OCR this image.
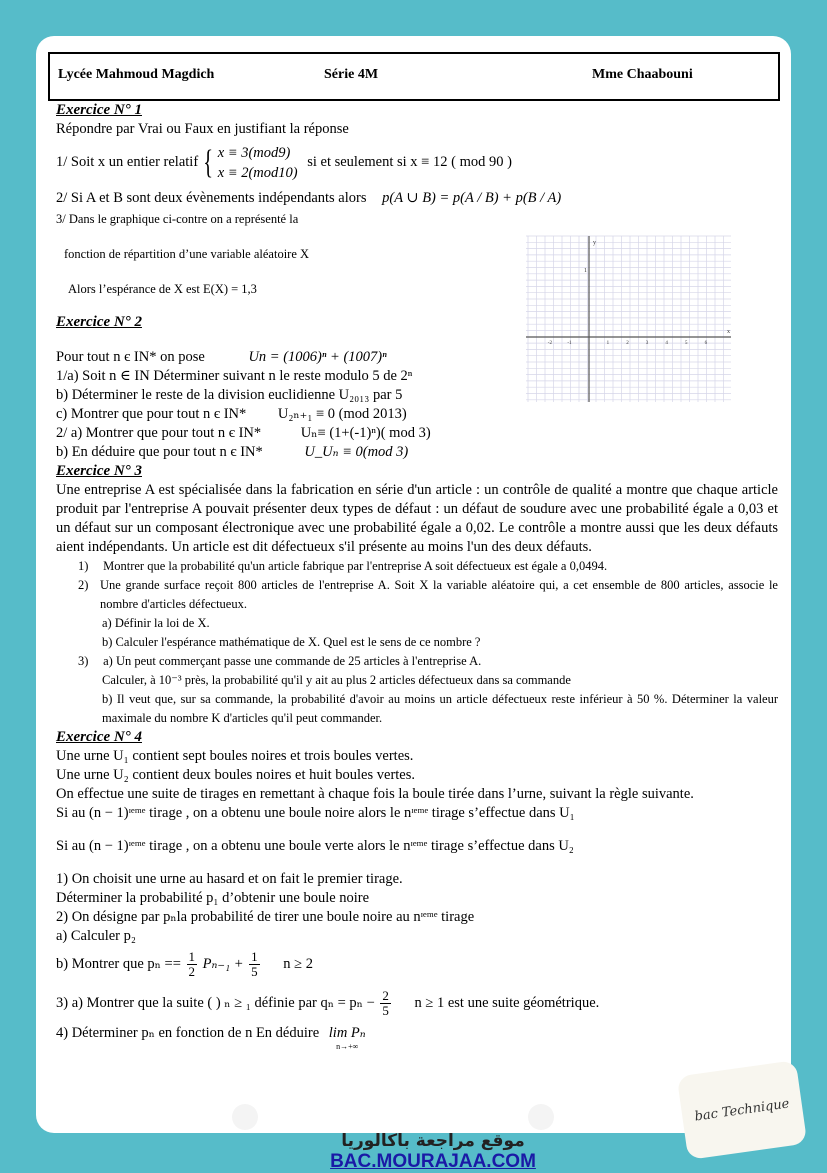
Lycée Mahmoud Magdich	Série 4M	Mme Chaabouni
Exercice N° 1
Répondre par Vrai ou Faux en justifiant la réponse
1/ Soit x un entier relatif { x ≡ 3(mod9)
x ≡ 2(mod10)
si et seulement si x ≡ 12 ( mod 90 )
2/ Si A et B sont deux évènements indépendants alors p(A ∪ B) = p(A / B) + p(B / A)
3/ Dans le graphique ci-contre on a représenté la
fonction de répartition d’une variable aléatoire X
Alors l’espérance de X est E(X) = 1,3
Exercice N° 2
Pour tout n є IN* on pose	Un = (1006)ⁿ + (1007)ⁿ
1/a) Soit n ∈ IN Déterminer suivant n le reste modulo 5 de 2ⁿ
b) Déterminer le reste de la division euclidienne U₂₀₁₃ par 5
c) Montrer que pour tout n є IN* U₂ₙ₊₁ ≡ 0 (mod 2013)
2/ a) Montrer que pour tout n є IN*	Uₙ≡ (1+(-1)ⁿ)( mod 3)
b) En déduire que pour tout n є IN*	U_Uₙ ≡ 0(mod 3)
Exercice N° 3
Une entreprise A est spécialisée dans la fabrication en série d'un article : un contrôle de qualité a montre que chaque article produit par l'entreprise A pouvait présenter deux types de défaut : un défaut de soudure avec une probabilité égale a 0,03 et un défaut sur un composant électronique avec une probabilité égale a 0,02. Le contrôle a montre aussi que les deux défauts aient indépendants. Un article est dit défectueux s'il présente au moins l'un des deux défauts.
1) Montrer que la probabilité qu'un article fabrique par l'entreprise A soit défectueux est égale a 0,0494.
2) Une grande surface reçoit 800 articles de l'entreprise A. Soit X la variable aléatoire qui, a cet ensemble de 800 articles, associe le nombre d'articles défectueux.
a) Définir la loi de X.
b) Calculer l'espérance mathématique de X. Quel est le sens de ce nombre ?
3) a) Un peut commerçant passe une commande de 25 articles à l'entreprise A.
Calculer, à 10⁻³ près, la probabilité qu'il y ait au plus 2 articles défectueux dans sa commande
b) Il veut que, sur sa commande, la probabilité d'avoir au moins un article défectueux reste inférieur à 50 %. Déterminer la valeur maximale du nombre K d'articles qu'il peut commander.
Exercice N° 4
Une urne U₁ contient sept boules noires et trois boules vertes.
Une urne U₂ contient deux boules noires et huit boules vertes.
On effectue une suite de tirages en remettant à chaque fois la boule tirée dans l’urne, suivant la règle suivante.
Si au (n − 1)ᶦᵉᵐᵉ tirage , on a obtenu une boule noire alors le nᶦᵉᵐᵉ tirage s’effectue dans U₁
Si au (n − 1)ᶦᵉᵐᵉ tirage , on a obtenu une boule verte alors le nᶦᵉᵐᵉ tirage s’effectue dans U₂
1) On choisit une urne au hasard et on fait le premier tirage.
Déterminer la probabilité p₁ d’obtenir une boule noire
2) On désigne par pₙla probabilité de tirer une boule noire au nᶦᵉᵐᵉ tirage
a) Calculer p₂
b) Montrer que $p_n == \frac{1}{2} P_{n-1} + \frac{1}{5}$ n ≥ 2
3) a) Montrer que la suite ( ) ₙ ≥ ₁ définie par $q_n = p_n - \frac{2}{5}$ n ≥ 1 est une suite géométrique.
4) Déterminer pₙ en fonction de n En déduire lim Pₙ
n→+∞
y
x
1
-2	-1	1	2	3	4	5	6
موقع مراجعة باكالوريا
BAC.MOURAJAA.COM
bac Technique
